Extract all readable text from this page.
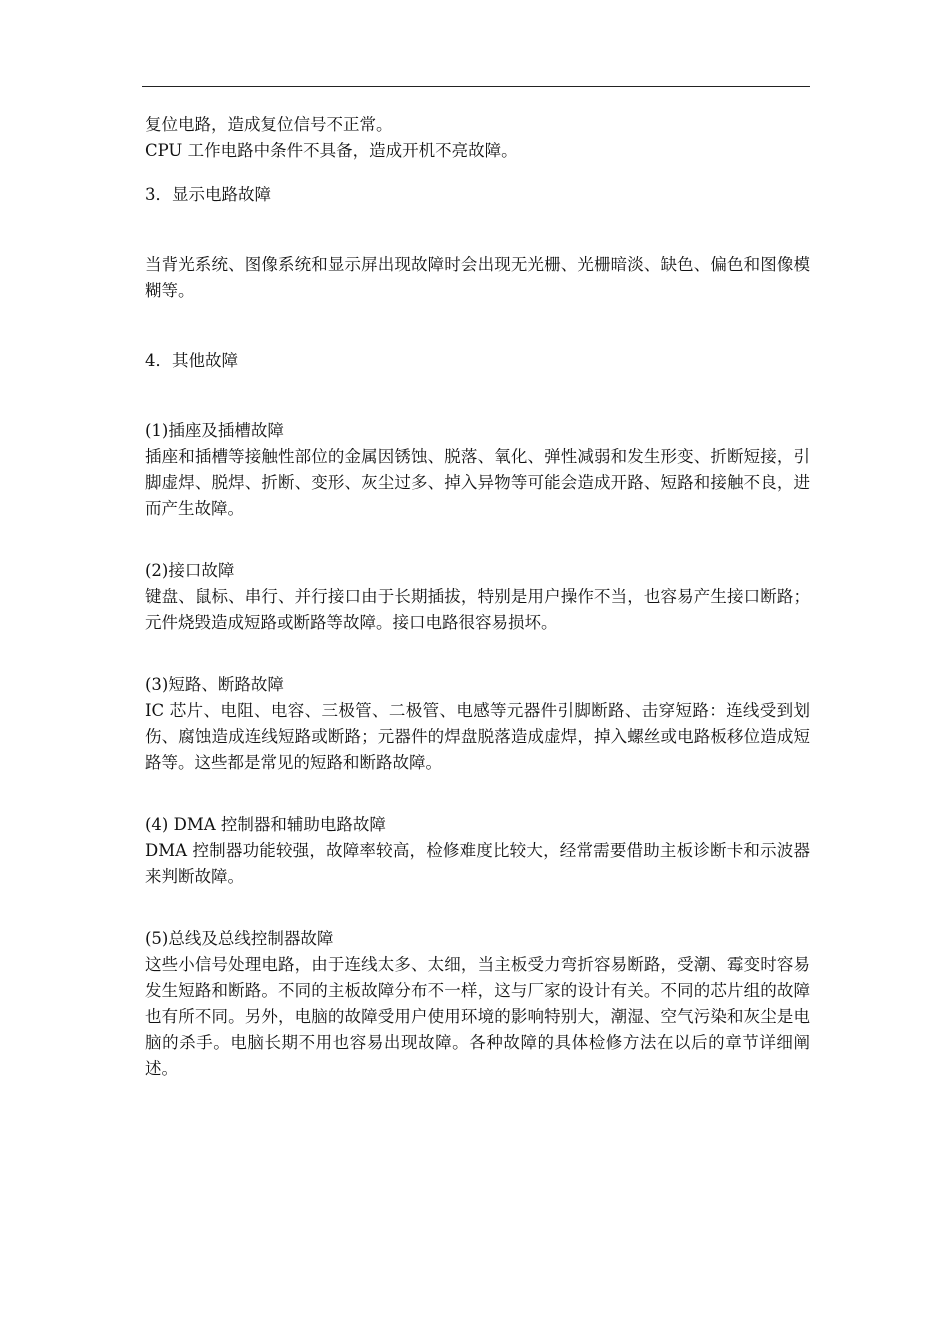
复位电路，造成复位信号不正常。

CPU 工作电路中条件不具备，造成开机不亮故障。

3．显示电路故障

当背光系统、图像系统和显示屏出现故障时会出现无光栅、光栅暗淡、缺色、偏色和图像模糊等。

4．其他故障

(1)插座及插槽故障

插座和插槽等接触性部位的金属因锈蚀、脱落、氧化、弹性减弱和发生形变、折断短接，引脚虚焊、脱焊、折断、变形、灰尘过多、掉入异物等可能会造成开路、短路和接触不良，进而产生故障。

(2)接口故障

键盘、鼠标、串行、并行接口由于长期插拔，特别是用户操作不当，也容易产生接口断路；元件烧毁造成短路或断路等故障。接口电路很容易损坏。

(3)短路、断路故障

IC 芯片、电阻、电容、三极管、二极管、电感等元器件引脚断路、击穿短路：连线受到划伤、腐蚀造成连线短路或断路；元器件的焊盘脱落造成虚焊，掉入螺丝或电路板移位造成短路等。这些都是常见的短路和断路故障。

(4) DMA 控制器和辅助电路故障

DMA 控制器功能较强，故障率较高，检修难度比较大，经常需要借助主板诊断卡和示波器来判断故障。

(5)总线及总线控制器故障

这些小信号处理电路，由于连线太多、太细，当主板受力弯折容易断路，受潮、霉变时容易发生短路和断路。不同的主板故障分布不一样，这与厂家的设计有关。不同的芯片组的故障也有所不同。另外，电脑的故障受用户使用环境的影响特别大，潮湿、空气污染和灰尘是电脑的杀手。电脑长期不用也容易出现故障。各种故障的具体检修方法在以后的章节详细阐述。
